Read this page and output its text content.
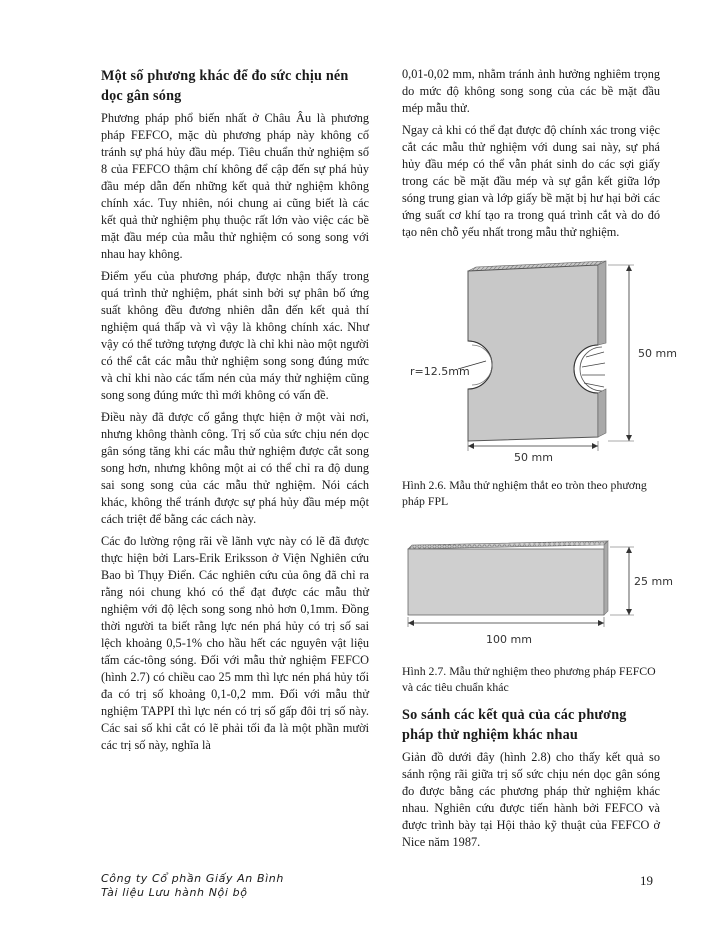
Một số phương khác để đo sức chịu nén dọc gân sóng

Phương pháp phổ biến nhất ở Châu Âu là phương pháp FEFCO, mặc dù phương pháp này không cố tránh sự phá hủy đầu mép. Tiêu chuẩn thử nghiệm số 8 của FEFCO thậm chí không để cập đến sự phá hủy đầu mép dẫn đến những kết quả thử nghiệm không chính xác. Tuy nhiên, nói chung ai cũng biết là các kết quả thử nghiệm phụ thuộc rất lớn vào việc các bề mặt đầu mép của mẫu thử nghiệm có song song với nhau hay không.

Điểm yếu của phương pháp, được nhận thấy trong quá trình thử nghiệm, phát sinh bởi sự phân bố ứng suất không đều đương nhiên dẫn đến kết quả thí nghiệm quá thấp và vì vậy là không chính xác. Như vậy có thể tưởng tượng được là chỉ khi nào một người có thể cắt các mẫu thử nghiệm song song đúng mức và chỉ khi nào các tấm nén của máy thử nghiệm cũng song song đúng mức thì mới không có vấn đề.

Điều này đã được cố gắng thực hiện ở một vài nơi, nhưng không thành công. Trị số của sức chịu nén dọc gân sóng tăng khi các mẫu thử nghiệm được cắt song song hơn, nhưng không một ai có thể chỉ ra độ dung sai song song của các mẫu thử nghiệm. Nói cách khác, không thể tránh được sự phá hủy đầu mép một cách triệt để bằng các cách này.

Các đo lường rộng rãi về lãnh vực này có lẽ đã được thực hiện bởi Lars-Erik Eriksson ở Viện Nghiên cứu Bao bì Thụy Điển. Các nghiên cứu của ông đã chỉ ra rằng nói chung khó có thể đạt được các mẫu thử nghiệm với độ lệch song song nhỏ hơn 0,1mm. Đồng thời người ta biết rằng lực nén phá hủy có trị số sai lệch khoảng 0,5-1% cho hầu hết các nguyên vật liệu tấm các-tông sóng. Đối với mẫu thử nghiệm FEFCO (hình 2.7) có chiều cao 25 mm thì lực nén phá hủy tối đa có trị số khoảng 0,1-0,2 mm. Đối với mẫu thử nghiệm TAPPI thì lực nén có trị số gấp đôi trị số này. Các sai số khi cắt có lẽ phải tối đa là một phần mười các trị số này, nghĩa là

0,01-0,02 mm, nhằm tránh ảnh hưởng nghiêm trọng do mức độ không song song của các bề mặt đầu mép mẫu thử.

Ngay cả khi có thể đạt được độ chính xác trong việc cắt các mẫu thử nghiệm với dung sai này, sự phá hủy đầu mép có thể vẫn phát sinh do các sợi giấy trong các bề mặt đầu mép và sự gắn kết giữa lớp sóng trung gian và lớp giấy bề mặt bị hư hại bởi các ứng suất cơ khí tạo ra trong quá trình cắt và do đó tạo nên chỗ yếu nhất trong mẫu thử nghiệm.

r=12.5mm
50 mm
50 mm

Hình 2.6. Mẫu thử nghiệm thắt eo tròn theo phương pháp FPL

25 mm
100 mm

Hình 2.7. Mẫu thử nghiệm theo phương pháp FEFCO và các tiêu chuẩn khác

So sánh các kết quả của các phương pháp thử nghiệm khác nhau

Giản đồ dưới đây (hình 2.8) cho thấy kết quả so sánh rộng rãi giữa trị số sức chịu nén dọc gân sóng đo được bằng các phương pháp thử nghiệm khác nhau. Nghiên cứu được tiến hành bởi FEFCO và được trình bày tại Hội thảo kỹ thuật của FEFCO ở Nice năm 1987.

Công ty Cổ phần Giấy An Bình
Tài liệu Lưu hành Nội bộ
19
